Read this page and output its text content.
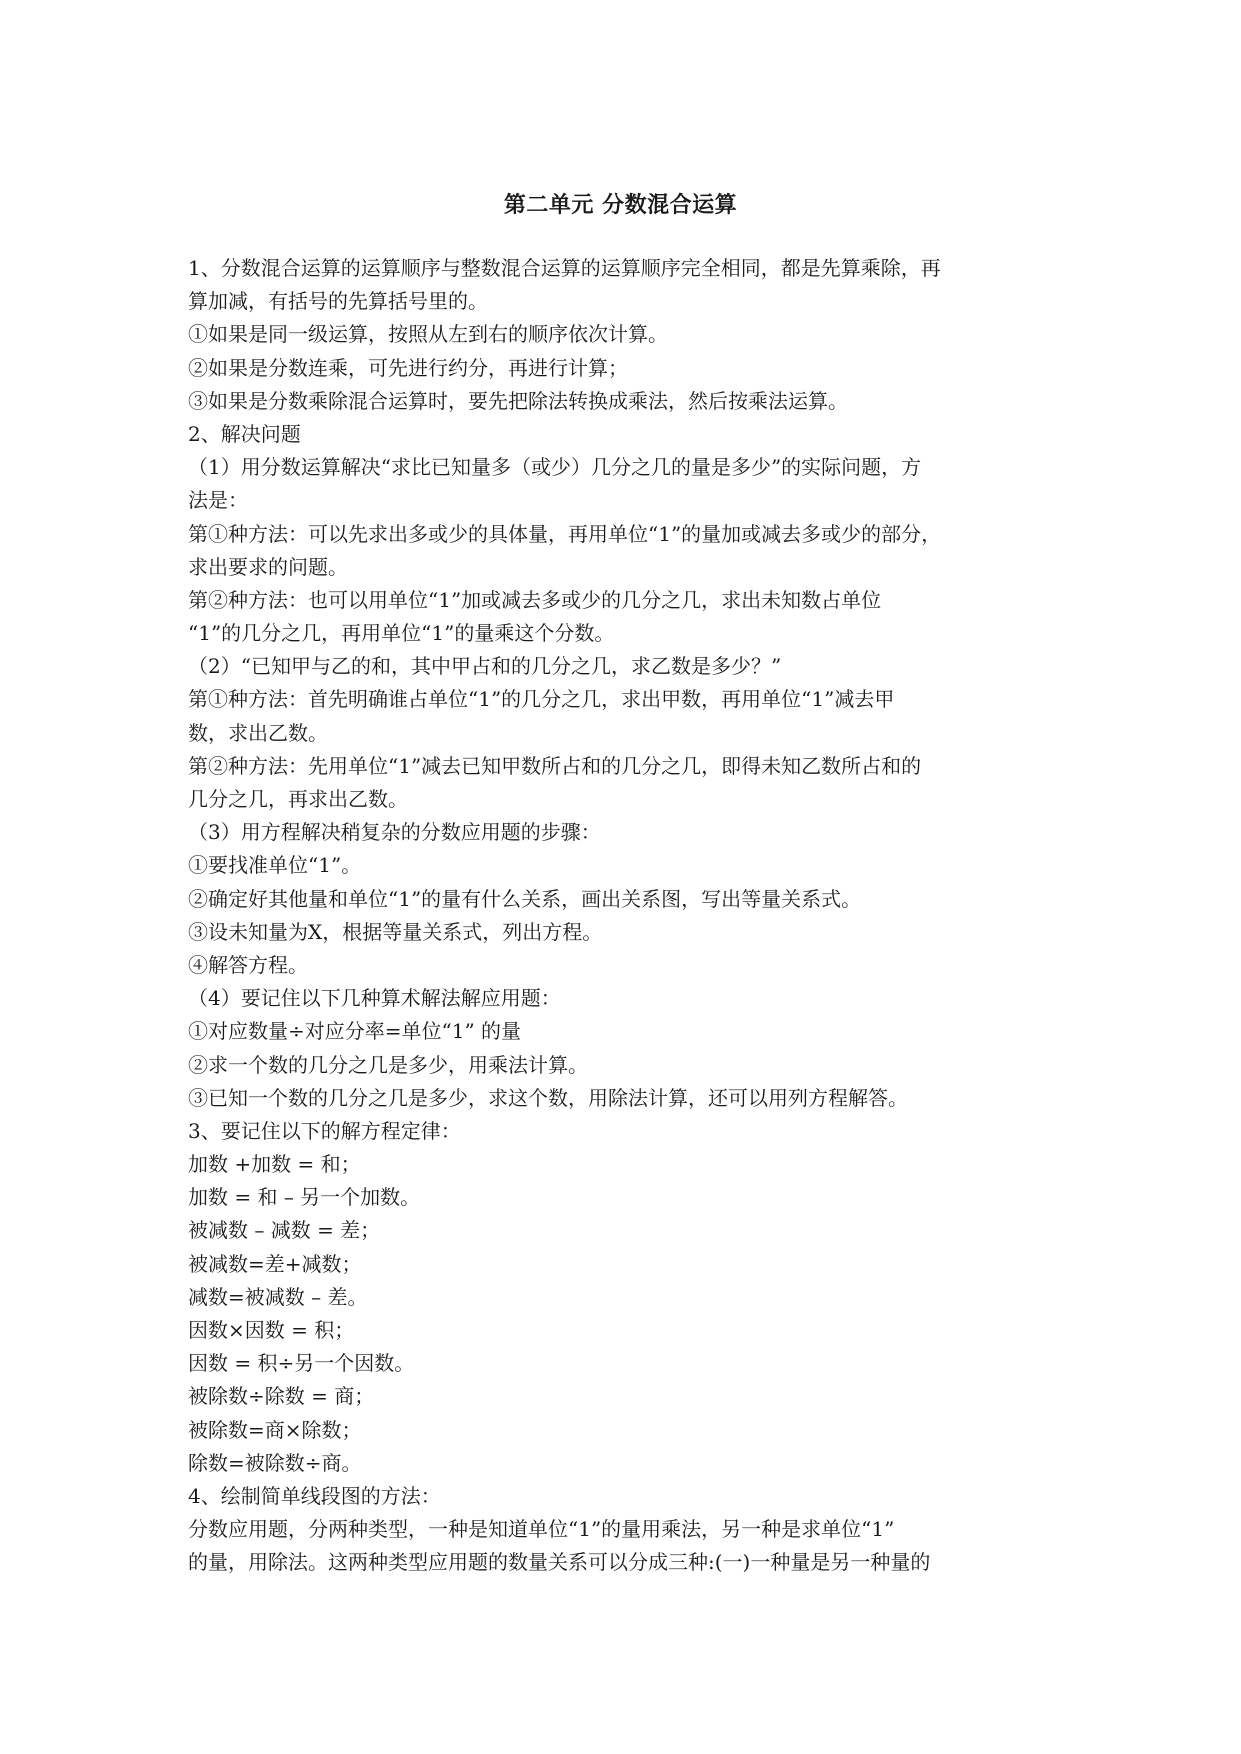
第二单元 分数混合运算
1、分数混合运算的运算顺序与整数混合运算的运算顺序完全相同，都是先算乘除，再
算加减，有括号的先算括号里的。
①如果是同一级运算，按照从左到右的顺序依次计算。
②如果是分数连乘，可先进行约分，再进行计算；
③如果是分数乘除混合运算时，要先把除法转换成乘法，然后按乘法运算。
2、解决问题
（1）用分数运算解决“求比已知量多（或少）几分之几的量是多少”的实际问题，方
法是：
第①种方法：可以先求出多或少的具体量，再用单位“1”的量加或减去多或少的部分，
求出要求的问题。
第②种方法：也可以用单位“1”加或减去多或少的几分之几，求出未知数占单位
“1”的几分之几，再用单位“1”的量乘这个分数。
（2）“已知甲与乙的和，其中甲占和的几分之几，求乙数是多少？”
第①种方法：首先明确谁占单位“1”的几分之几，求出甲数，再用单位“1”减去甲
数，求出乙数。
第②种方法：先用单位“1”减去已知甲数所占和的几分之几，即得未知乙数所占和的
几分之几，再求出乙数。
（3）用方程解决稍复杂的分数应用题的步骤：
①要找准单位“1”。
②确定好其他量和单位“1”的量有什么关系，画出关系图，写出等量关系式。
③设未知量为X，根据等量关系式，列出方程。
④解答方程。
（4）要记住以下几种算术解法解应用题：
①对应数量÷对应分率=单位“1” 的量
②求一个数的几分之几是多少，用乘法计算。
③已知一个数的几分之几是多少，求这个数，用除法计算，还可以用列方程解答。
3、要记住以下的解方程定律：
加数 +加数 = 和；
加数 = 和 – 另一个加数。
被减数 – 减数 = 差；
被减数=差+减数；
减数=被减数 – 差。
因数×因数 = 积；
因数 = 积÷另一个因数。
被除数÷除数 = 商；
被除数=商×除数；
除数=被除数÷商。
4、绘制简单线段图的方法：
分数应用题，分两种类型，一种是知道单位“1”的量用乘法，另一种是求单位“1”
的量，用除法。这两种类型应用题的数量关系可以分成三种:(一)一种量是另一种量的
